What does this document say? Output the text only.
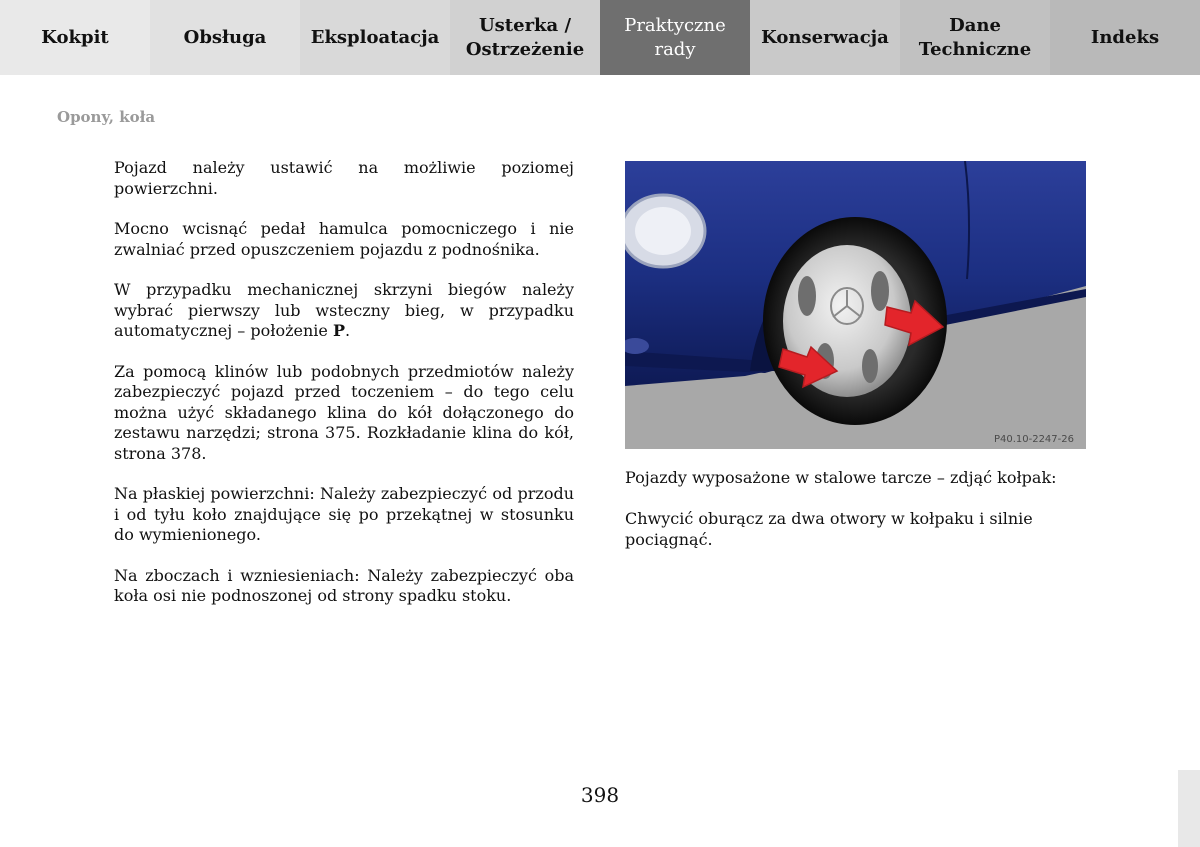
Kokpit	Obsługa Eksploatacja
Usterka /
Ostrzeżenie
Praktyczne
rady
Konserwacja
Dane
Techniczne
Indeks
Opony, koła

Pojazd należy ustawić na możliwie poziomej powierzchni.

Mocno wcisnąć pedał hamulca pomocniczego i nie zwalniać przed opuszczeniem pojazdu z podnośnika.

W przypadku mechanicznej skrzyni biegów należy wybrać pierwszy lub wsteczny bieg, w przypadku automatycznej – położenie P.

Za pomocą klinów lub podobnych przedmiotów należy zabezpieczyć pojazd przed toczeniem – do tego celu można użyć składanego klina do kół dołączonego do zestawu narzędzi; strona 375. Rozkładanie klina do kół, strona 378.

Na płaskiej powierzchni: Należy zabezpieczyć od przodu i od tyłu koło znajdujące się po przekątnej w stosunku do wymienionego.

Na zboczach i wzniesieniach: Należy zabezpieczyć oba koła osi nie podnoszonej od strony spadku stoku.

P40.10-2247-26

Pojazdy wyposażone w stalowe tarcze – zdjąć kołpak:

Chwycić oburącz za dwa otwory w kołpaku i silnie pociągnąć.

398
